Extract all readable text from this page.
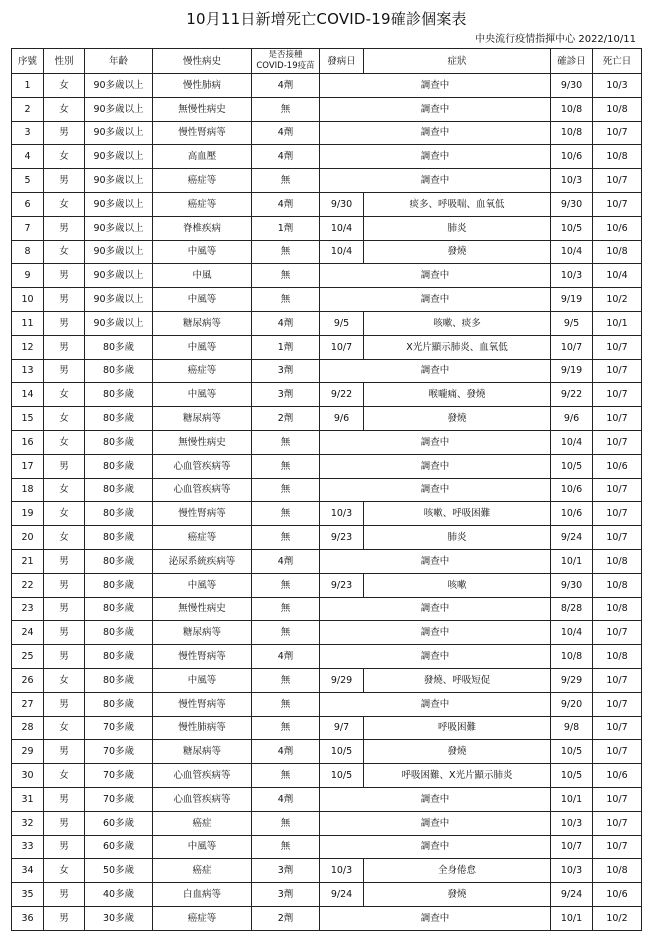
10月11日新增死亡COVID-19確診個案表
中央流行疫情指揮中心 2022/10/11
序號	性別	年齡	慢性病史	是否接種
COVID-19疫苗	發病日	症狀	確診日	死亡日
1	女	90多歲以上	慢性肺病	4劑	調查中		9/30	10/3
2	女	90多歲以上	無慢性病史	無	調查中		10/8	10/8
3	男	90多歲以上	慢性腎病等	4劑	調查中		10/8	10/7
4	女	90多歲以上	高血壓	4劑	調查中		10/6	10/8
5	男	90多歲以上	癌症等	無	調查中		10/3	10/7
6	女	90多歲以上	癌症等	4劑	9/30	痰多、呼吸喘、血氧低	9/30	10/7
7	男	90多歲以上	脊椎疾病	1劑	10/4	肺炎	10/5	10/6
8	女	90多歲以上	中風等	無	10/4	發燒	10/4	10/8
9	男	90多歲以上	中風	無	調查中		10/3	10/4
10	男	90多歲以上	中風等	無	調查中		9/19	10/2
11	男	90多歲以上	糖尿病等	4劑	9/5	咳嗽、痰多	9/5	10/1
12	男	80多歲	中風等	1劑	10/7	X光片顯示肺炎、血氧低	10/7	10/7
13	男	80多歲	癌症等	3劑	調查中		9/19	10/7
14	女	80多歲	中風等	3劑	9/22	喉嚨痛、發燒	9/22	10/7
15	女	80多歲	糖尿病等	2劑	9/6	發燒	9/6	10/7
16	女	80多歲	無慢性病史	無	調查中		10/4	10/7
17	男	80多歲	心血管疾病等	無	調查中		10/5	10/6
18	女	80多歲	心血管疾病等	無	調查中		10/6	10/7
19	女	80多歲	慢性腎病等	無	10/3	咳嗽、呼吸困難	10/6	10/7
20	女	80多歲	癌症等	無	9/23	肺炎	9/24	10/7
21	男	80多歲	泌尿系統疾病等	4劑	調查中		10/1	10/8
22	男	80多歲	中風等	無	9/23	咳嗽	9/30	10/8
23	男	80多歲	無慢性病史	無	調查中		8/28	10/8
24	男	80多歲	糖尿病等	無	調查中		10/4	10/7
25	男	80多歲	慢性腎病等	4劑	調查中		10/8	10/8
26	女	80多歲	中風等	無	9/29	發燒、呼吸短促	9/29	10/7
27	男	80多歲	慢性腎病等	無	調查中		9/20	10/7
28	女	70多歲	慢性肺病等	無	9/7	呼吸困難	9/8	10/7
29	男	70多歲	糖尿病等	4劑	10/5	發燒	10/5	10/7
30	女	70多歲	心血管疾病等	無	10/5	呼吸困難、X光片顯示肺炎	10/5	10/6
31	男	70多歲	心血管疾病等	4劑	調查中		10/1	10/7
32	男	60多歲	癌症	無	調查中		10/3	10/7
33	男	60多歲	中風等	無	調查中		10/7	10/7
34	女	50多歲	癌症	3劑	10/3	全身倦怠	10/3	10/8
35	男	40多歲	白血病等	3劑	9/24	發燒	9/24	10/6
36	男	30多歲	癌症等	2劑	調查中		10/1	10/2
